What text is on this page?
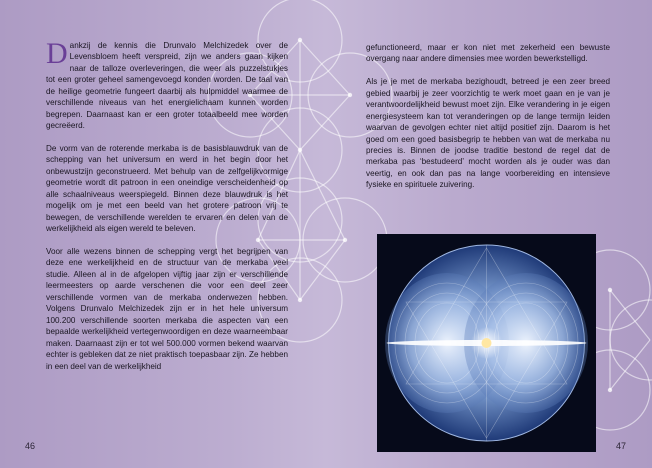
Dankzij de kennis die Drunvalo Melchizedek over de Levensbloem heeft verspreid, zijn we anders gaan kijken naar de talloze overleveringen, die weer als puzzelstukjes tot een groter geheel samengevoegd konden worden. De taal van de heilige geometrie fungeert daarbij als hulpmiddel waarmee de verschillende niveaus van het energielichaam kunnen worden begrepen. Daarnaast kan er een groter totaalbeeld mee worden gecreëerd.

De vorm van de roterende merkaba is de basisblauwdruk van de schepping van het universum en werd in het begin door het onbewustzijn geconstrueerd. Met behulp van de zelfgelijkvormige geometrie wordt dit patroon in een oneindige verscheidenheid op alle schaalniveaus weerspiegeld. Binnen deze blauwdruk is het mogelijk om je met een beeld van het grotere patroon vrij te bewegen, de verschillende werelden te ervaren en delen van de werkelijkheid als eigen wereld te beleven.

Voor alle wezens binnen de schepping vergt het begrijpen van deze ene werkelijkheid en de structuur van de merkaba veel studie. Alleen al in de afgelopen vijftig jaar zijn er verschillende leermeesters op aarde verschenen die voor een deel zeer verschillende vormen van de merkaba onderwezen hebben. Volgens Drunvalo Melchizedek zijn er in het hele universum 100.200 verschillende soorten merkaba die aspecten van een bepaalde werkelijkheid vertegenwoordigen en deze waarneembaar maken. Daarnaast zijn er tot wel 500.000 vormen bekend waarvan echter is gebleken dat ze niet praktisch toepasbaar zijn. Ze hebben in een deel van de werkelijkheid

gefunctioneerd, maar er kon niet met zekerheid een bewuste overgang naar andere dimensies mee worden bewerkstelligd.

Als je je met de merkaba bezighoudt, betreed je een zeer breed gebied waarbij je zeer voorzichtig te werk moet gaan en je van je verantwoordelijkheid bewust moet zijn. Elke verandering in je eigen energiesysteem kan tot veranderingen op de lange termijn leiden waarvan de gevolgen echter niet altijd positief zijn. Daarom is het goed om een goed basisbegrip te hebben van wat de merkaba nu precies is. Binnen de joodse traditie bestond de regel dat de merkaba pas ‘bestudeerd’ mocht worden als je ouder was dan veertig, en ook dan pas na lange voorbereiding en intensieve fysieke en spirituele zuivering.

46	47
